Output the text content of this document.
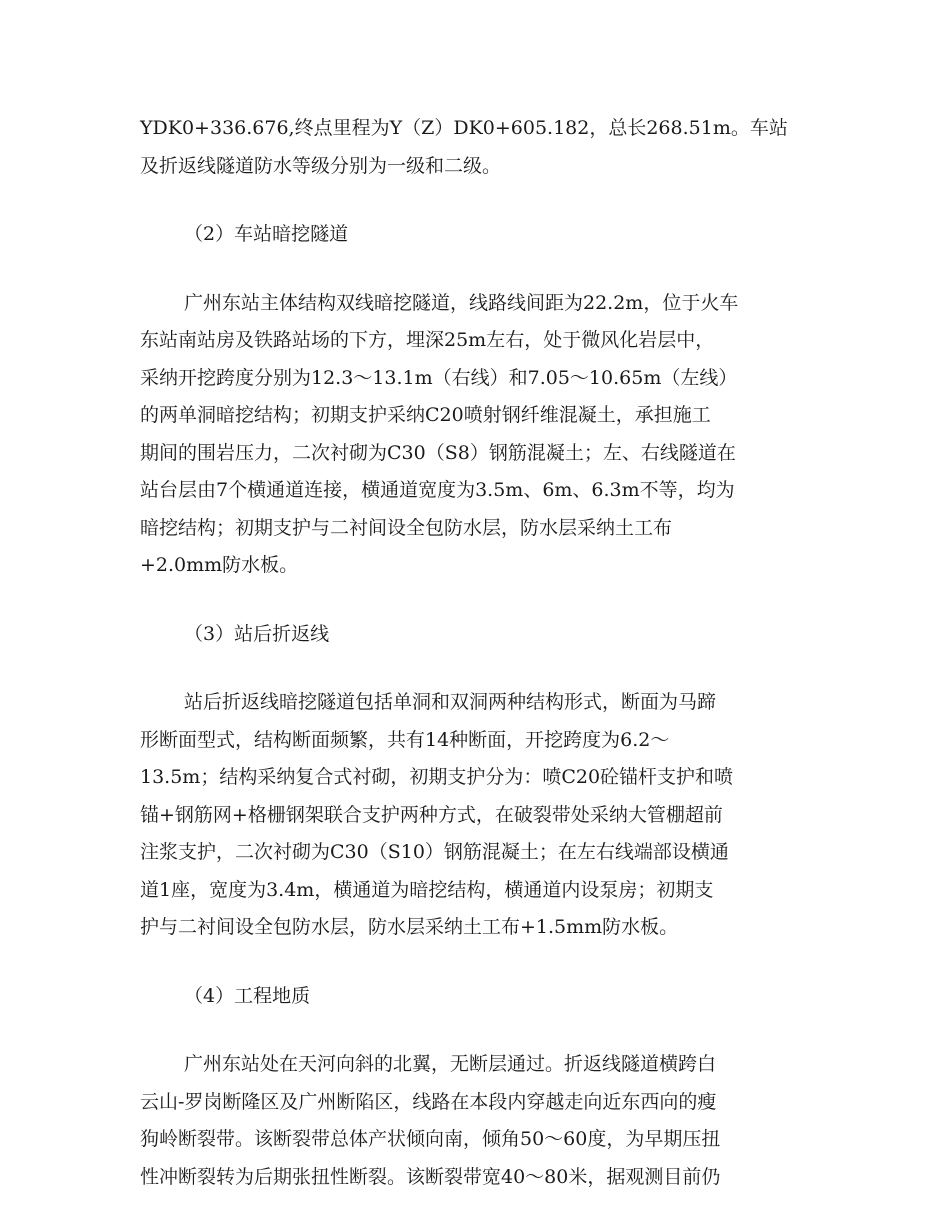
YDK0+336.676,终点里程为Y（Z）DK0+605.182，总长268.51m。车站
及折返线隧道防水等级分别为一级和二级。

（2）车站暗挖隧道

广州东站主体结构双线暗挖隧道，线路线间距为22.2m，位于火车
东站南站房及铁路站场的下方，埋深25m左右，处于微风化岩层中，
采纳开挖跨度分别为12.3～13.1m（右线）和7.05～10.65m（左线）
的两单洞暗挖结构；初期支护采纳C20喷射钢纤维混凝土，承担施工
期间的围岩压力，二次衬砌为C30（S8）钢筋混凝土；左、右线隧道在
站台层由7个横通道连接，横通道宽度为3.5m、6m、6.3m不等，均为
暗挖结构；初期支护与二衬间设全包防水层，防水层采纳土工布
+2.0mm防水板。

（3）站后折返线

站后折返线暗挖隧道包括单洞和双洞两种结构形式，断面为马蹄
形断面型式，结构断面频繁，共有14种断面，开挖跨度为6.2～
13.5m；结构采纳复合式衬砌，初期支护分为：喷C20砼锚杆支护和喷
锚+钢筋网+格栅钢架联合支护两种方式，在破裂带处采纳大管棚超前
注浆支护，二次衬砌为C30（S10）钢筋混凝土；在左右线端部设横通
道1座，宽度为3.4m，横通道为暗挖结构，横通道内设泵房；初期支
护与二衬间设全包防水层，防水层采纳土工布+1.5mm防水板。

（4）工程地质

广州东站处在天河向斜的北翼，无断层通过。折返线隧道横跨白
云山-罗岗断隆区及广州断陷区，线路在本段内穿越走向近东西向的瘦
狗岭断裂带。该断裂带总体产状倾向南，倾角50～60度，为早期压扭
性冲断裂转为后期张扭性断裂。该断裂带宽40～80米，据观测目前仍
